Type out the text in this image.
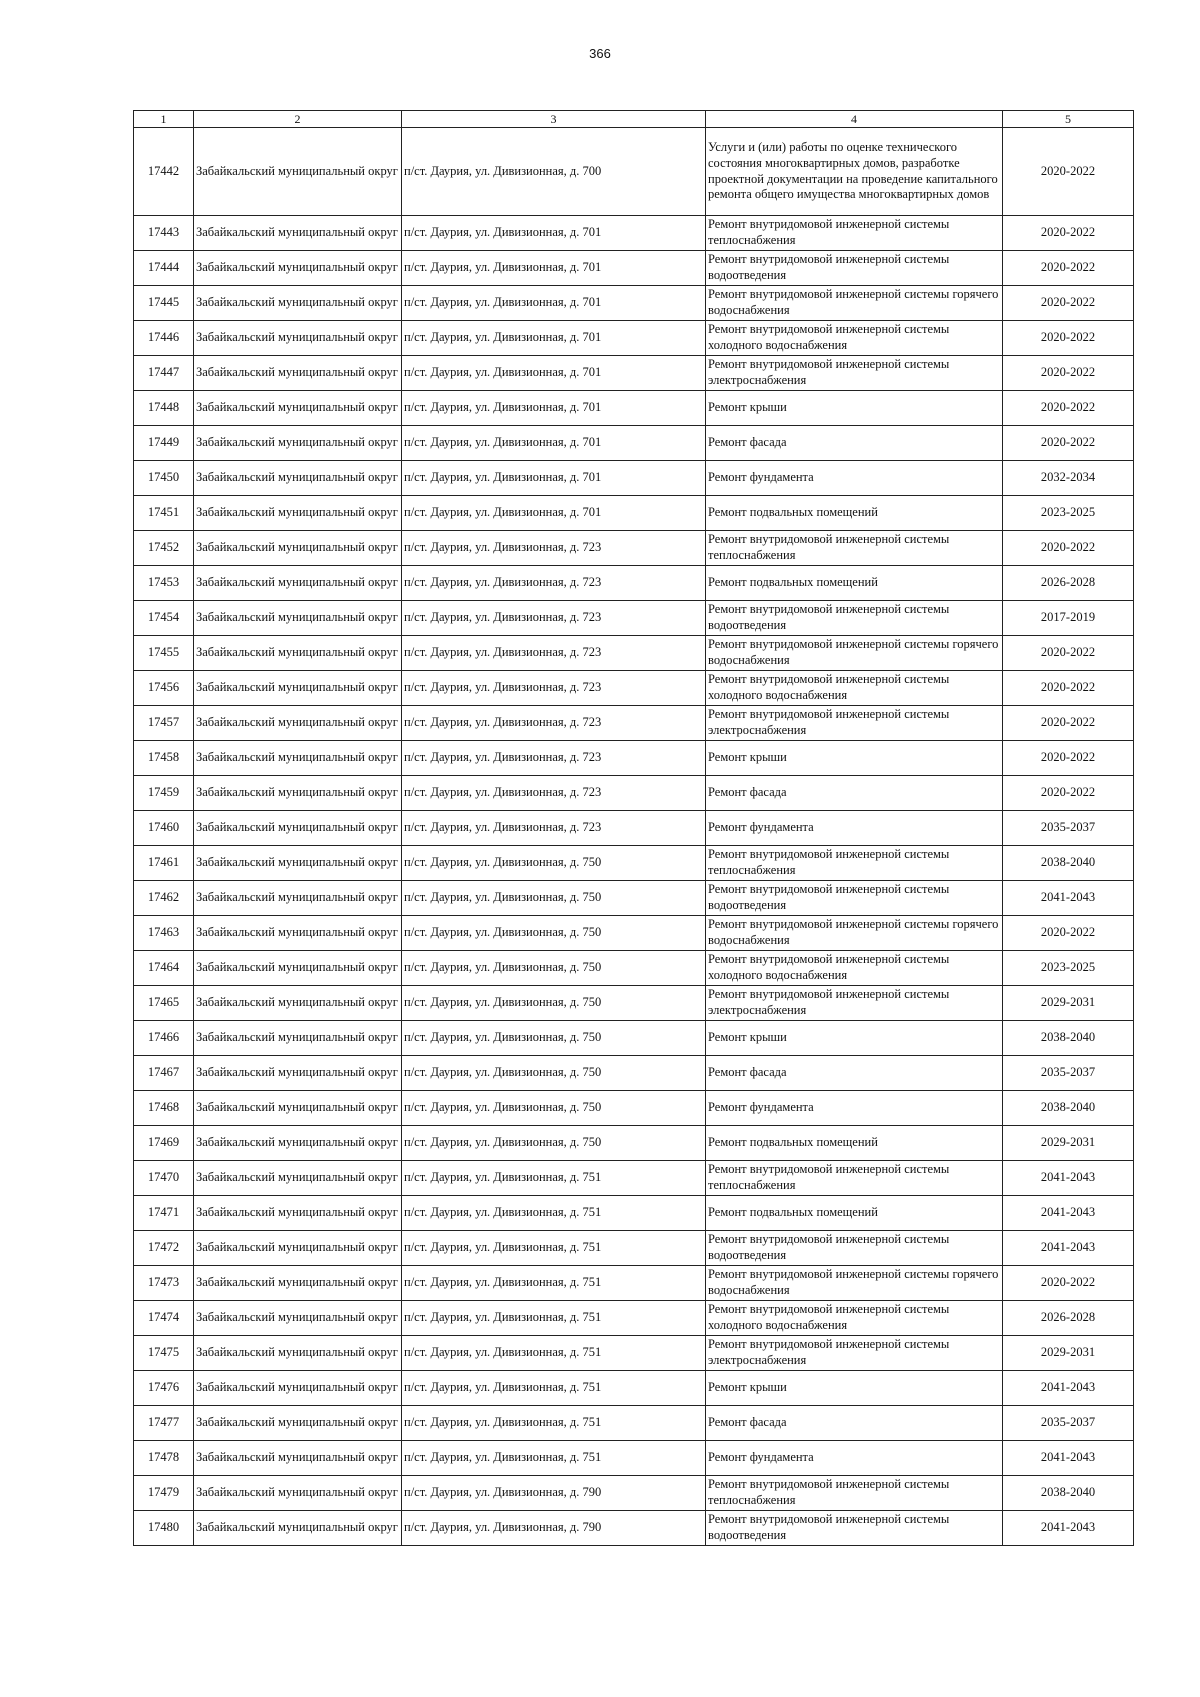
366
1	2	3	4	5
17442	Забайкальский муниципальный округ	п/ст. Даурия, ул. Дивизионная, д. 700	Услуги и (или) работы по оценке технического состояния многоквартирных домов, разработке проектной документации на проведение капитального ремонта общего имущества многоквартирных домов	2020-2022
17443	Забайкальский муниципальный округ	п/ст. Даурия, ул. Дивизионная, д. 701	Ремонт внутридомовой инженерной системы теплоснабжения	2020-2022
17444	Забайкальский муниципальный округ	п/ст. Даурия, ул. Дивизионная, д. 701	Ремонт внутридомовой инженерной системы водоотведения	2020-2022
17445	Забайкальский муниципальный округ	п/ст. Даурия, ул. Дивизионная, д. 701	Ремонт внутридомовой инженерной системы горячего водоснабжения	2020-2022
17446	Забайкальский муниципальный округ	п/ст. Даурия, ул. Дивизионная, д. 701	Ремонт внутридомовой инженерной системы холодного водоснабжения	2020-2022
17447	Забайкальский муниципальный округ	п/ст. Даурия, ул. Дивизионная, д. 701	Ремонт внутридомовой инженерной системы электроснабжения	2020-2022
17448	Забайкальский муниципальный округ	п/ст. Даурия, ул. Дивизионная, д. 701	Ремонт крыши	2020-2022
17449	Забайкальский муниципальный округ	п/ст. Даурия, ул. Дивизионная, д. 701	Ремонт фасада	2020-2022
17450	Забайкальский муниципальный округ	п/ст. Даурия, ул. Дивизионная, д. 701	Ремонт фундамента	2032-2034
17451	Забайкальский муниципальный округ	п/ст. Даурия, ул. Дивизионная, д. 701	Ремонт подвальных помещений	2023-2025
17452	Забайкальский муниципальный округ	п/ст. Даурия, ул. Дивизионная, д. 723	Ремонт внутридомовой инженерной системы теплоснабжения	2020-2022
17453	Забайкальский муниципальный округ	п/ст. Даурия, ул. Дивизионная, д. 723	Ремонт подвальных помещений	2026-2028
17454	Забайкальский муниципальный округ	п/ст. Даурия, ул. Дивизионная, д. 723	Ремонт внутридомовой инженерной системы водоотведения	2017-2019
17455	Забайкальский муниципальный округ	п/ст. Даурия, ул. Дивизионная, д. 723	Ремонт внутридомовой инженерной системы горячего водоснабжения	2020-2022
17456	Забайкальский муниципальный округ	п/ст. Даурия, ул. Дивизионная, д. 723	Ремонт внутридомовой инженерной системы холодного водоснабжения	2020-2022
17457	Забайкальский муниципальный округ	п/ст. Даурия, ул. Дивизионная, д. 723	Ремонт внутридомовой инженерной системы электроснабжения	2020-2022
17458	Забайкальский муниципальный округ	п/ст. Даурия, ул. Дивизионная, д. 723	Ремонт крыши	2020-2022
17459	Забайкальский муниципальный округ	п/ст. Даурия, ул. Дивизионная, д. 723	Ремонт фасада	2020-2022
17460	Забайкальский муниципальный округ	п/ст. Даурия, ул. Дивизионная, д. 723	Ремонт фундамента	2035-2037
17461	Забайкальский муниципальный округ	п/ст. Даурия, ул. Дивизионная, д. 750	Ремонт внутридомовой инженерной системы теплоснабжения	2038-2040
17462	Забайкальский муниципальный округ	п/ст. Даурия, ул. Дивизионная, д. 750	Ремонт внутридомовой инженерной системы водоотведения	2041-2043
17463	Забайкальский муниципальный округ	п/ст. Даурия, ул. Дивизионная, д. 750	Ремонт внутридомовой инженерной системы горячего водоснабжения	2020-2022
17464	Забайкальский муниципальный округ	п/ст. Даурия, ул. Дивизионная, д. 750	Ремонт внутридомовой инженерной системы холодного водоснабжения	2023-2025
17465	Забайкальский муниципальный округ	п/ст. Даурия, ул. Дивизионная, д. 750	Ремонт внутридомовой инженерной системы электроснабжения	2029-2031
17466	Забайкальский муниципальный округ	п/ст. Даурия, ул. Дивизионная, д. 750	Ремонт крыши	2038-2040
17467	Забайкальский муниципальный округ	п/ст. Даурия, ул. Дивизионная, д. 750	Ремонт фасада	2035-2037
17468	Забайкальский муниципальный округ	п/ст. Даурия, ул. Дивизионная, д. 750	Ремонт фундамента	2038-2040
17469	Забайкальский муниципальный округ	п/ст. Даурия, ул. Дивизионная, д. 750	Ремонт подвальных помещений	2029-2031
17470	Забайкальский муниципальный округ	п/ст. Даурия, ул. Дивизионная, д. 751	Ремонт внутридомовой инженерной системы теплоснабжения	2041-2043
17471	Забайкальский муниципальный округ	п/ст. Даурия, ул. Дивизионная, д. 751	Ремонт подвальных помещений	2041-2043
17472	Забайкальский муниципальный округ	п/ст. Даурия, ул. Дивизионная, д. 751	Ремонт внутридомовой инженерной системы водоотведения	2041-2043
17473	Забайкальский муниципальный округ	п/ст. Даурия, ул. Дивизионная, д. 751	Ремонт внутридомовой инженерной системы горячего водоснабжения	2020-2022
17474	Забайкальский муниципальный округ	п/ст. Даурия, ул. Дивизионная, д. 751	Ремонт внутридомовой инженерной системы холодного водоснабжения	2026-2028
17475	Забайкальский муниципальный округ	п/ст. Даурия, ул. Дивизионная, д. 751	Ремонт внутридомовой инженерной системы электроснабжения	2029-2031
17476	Забайкальский муниципальный округ	п/ст. Даурия, ул. Дивизионная, д. 751	Ремонт крыши	2041-2043
17477	Забайкальский муниципальный округ	п/ст. Даурия, ул. Дивизионная, д. 751	Ремонт фасада	2035-2037
17478	Забайкальский муниципальный округ	п/ст. Даурия, ул. Дивизионная, д. 751	Ремонт фундамента	2041-2043
17479	Забайкальский муниципальный округ	п/ст. Даурия, ул. Дивизионная, д. 790	Ремонт внутридомовой инженерной системы теплоснабжения	2038-2040
17480	Забайкальский муниципальный округ	п/ст. Даурия, ул. Дивизионная, д. 790	Ремонт внутридомовой инженерной системы водоотведения	2041-2043
